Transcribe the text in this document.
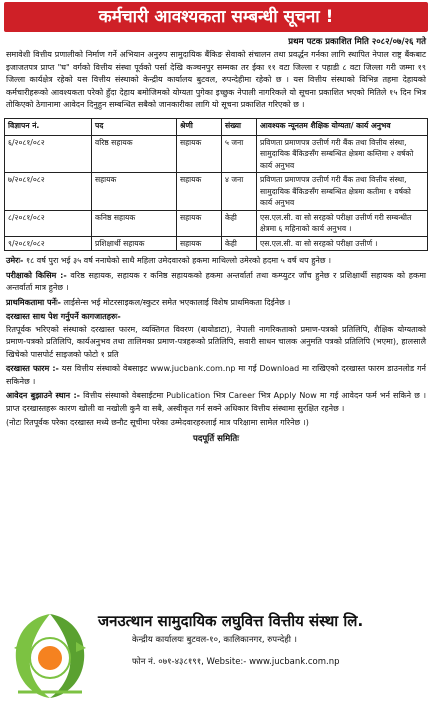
कर्मचारी आवश्यकता सम्बन्धी सूचना !
प्रथम पटक प्रकाशित मिति २०८२/०७/२६ गते
समावेशी वित्तीय प्रणालीको निर्माण गर्ने अभियान अनुरुप सामुदायिक बैंकिङ सेवाको संचालन तथा प्रवर्द्धन गर्नका लागि स्थापित नेपाल राष्ट्र बैंकबाट इजाजतपत्र प्राप्त "घ" वर्गको वित्तीय संस्था पूर्वको पर्सा देखि कञ्चनपुर सम्मका तर ईका ११ वटा जिल्ला र पहाडी ८ वटा जिल्ला गरी जम्मा १९ जिल्ला कार्यक्षेत्र रहेको यस वित्तीय संस्थाको केन्द्रीय कार्यालय बुटवल, रुपन्देहीमा रहेको छ । यस वित्तीय संस्थाको विभिन्न तहमा देहायको कर्मचारीहरूको आवश्यकता परेको हुँदा देहाय बमोजिमको योग्यता पुगेका इच्छुक नेपाली नागरिकले यो सूचना प्रकाशित भएको मितिले १५ दिन भित्र तोकिएको ठेगानामा आवेदन दिनुहुन सम्बन्धित सबैको जानकारीका लागि यो सूचना प्रकाशित गरिएको छ ।
विज्ञापन नं.	पद	श्रेणी	संख्या	आवश्यक न्यूनतम शैक्षिक योग्यता/ कार्य अनुभव
६/२०८१/०८२	वरिष्ठ सहायक	सहायक	५ जना	प्रविणता प्रमाणपत्र उत्तीर्ण गरी बैंक तथा वित्तीय संस्था, सामुदायिक बैंकिङसँग सम्बन्धित क्षेत्रमा कम्तिमा २ वर्षको कार्य अनुभव
७/२०८१/०८२	सहायक	सहायक	४ जना	प्रविणता प्रमाणपत्र उत्तीर्ण गरी बैंक तथा वित्तीय संस्था, सामुदायिक बैंकिङसँग सम्बन्धित क्षेत्रमा कतीमा १ वर्षको कार्य अनुभव
८/२०८१/०८२	कनिष्ठ सहायक	सहायक	केही	एस.एल.सी. वा सो सरहको परीक्षा उत्तीर्ण गरी सम्बन्धीत क्षेत्रमा ६ महिनाको कार्य अनुभव ।
९/२०८१/०८२	प्रशिक्षार्थी सहायक	सहायक	केही	एस.एल.सी. वा सो सरहको परीक्षा उत्तीर्ण ।
उमेरः- १८ वर्ष पुरा भई ३५ वर्ष ननाघेको साथै महिला उमेदवारको हकमा माथिल्लो उमेरको हदमा ५ वर्ष थप हुनेछ ।
परीक्षाको किसिम :- वरिष्ठ सहायक, सहायक र कनिष्ठ सहायकको हकमा अन्तर्वार्ता तथा कम्प्युटर जाँच हुनेछ र प्रशिक्षार्थी सहायक को हकमा अन्तर्वार्ता मात्र हुनेछ ।
प्राथमिकतामा पर्नेः- लाईसेन्स भई मोटरसाइकल/स्कुटर समेत भएकालाई विशेष प्राथमिकता दिईनेछ ।
दरखास्त साथ पेश गर्नुपर्ने कागजातहरुः-
रितपूर्वक भरिएको संस्थाको दरखास्त फारम, व्यक्तिगत विवरण (बायोडाटा), नेपाली नागरिकताको प्रमाण-पत्रको प्रतिलिपि, शैक्षिक योग्यताको प्रमाण-पत्रको प्रतिलिपि, कार्यअनुभव तथा तालिमका प्रमाण-पत्रहरूको प्रतिलिपि, सवारी साधन चालक अनुमति पत्रको प्रतिलिपि (भएमा), हालसालै खिचेको पासपोर्ट साइजको फोटो १ प्रति
दरखास्त फारम :- यस वित्तीय संस्थाको वेबसाइट www.jucbank.com.np मा गई Download मा राखिएको दरखास्त फारम डाउनलोड गर्न सकिनेछ ।
आवेदन बुझाउने स्थान :- वित्तीय संस्थाको वेबसाईटमा Publication भित्र Career भित्र Apply Now मा गई आवेदन फर्म भर्न सकिने छ । प्राप्त दरखास्तहरू कारण खोली वा नखोली कुनै वा सबै, अस्वीकृत गर्न सक्ने अधिकार वित्तीय संस्थामा सुरक्षित रहनेछ ।
(नोटः रितपूर्वक परेका दरखास्त मध्ये छनौट सूचीमा परेका उम्मेदवारहरुलाई मात्र परिक्षामा सामेल गरिनेछ ।)
पदपूर्ति समितिः
जनउत्थान सामुदायिक लघुवित्त वित्तीय संस्था लि.
केन्द्रीय कार्यालयः बुटवल-१०, कालिकानगर, रुपन्देही ।
फोन नं. ०७१-४३८१९१, Website:- www.jucbank.com.np
